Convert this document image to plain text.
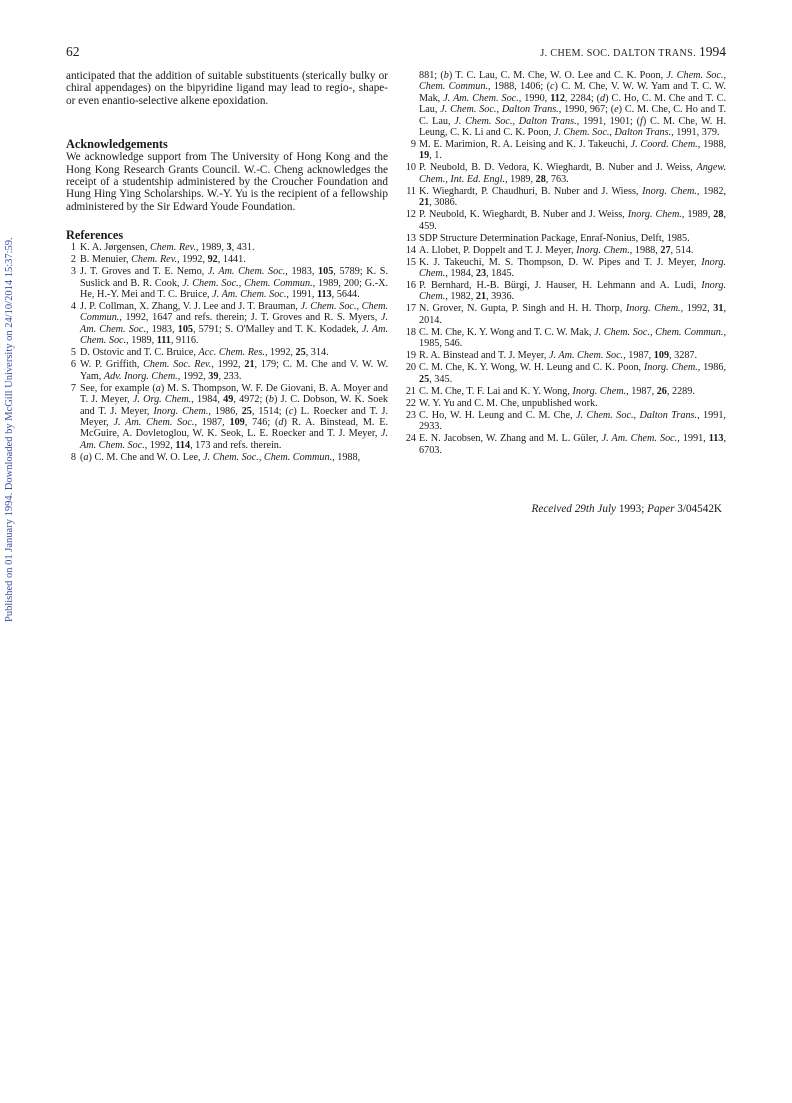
Published on 01 January 1994. Downloaded by McGill University on 24/10/2014 15:37:59.
62	J. CHEM. SOC. DALTON TRANS. 1994

anticipated that the addition of suitable substituents (sterically bulky or chiral appendages) on the bipyridine ligand may lead to regio-, shape- or even enantio-selective alkene epoxidation.

Acknowledgements

We acknowledge support from The University of Hong Kong and the Hong Kong Research Grants Council. W.-C. Cheng acknowledges the receipt of a studentship administered by the Croucher Foundation and Hung Hing Ying Scholarships. W.-Y. Yu is the recipient of a fellowship administered by the Sir Edward Youde Foundation.

References
1 K. A. Jørgensen, Chem. Rev., 1989, 3, 431.
2 B. Menuier, Chem. Rev., 1992, 92, 1441.
3 J. T. Groves and T. E. Nemo, J. Am. Chem. Soc., 1983, 105, 5789; K. S. Suslick and B. R. Cook, J. Chem. Soc., Chem. Commun., 1989, 200; G.-X. He, H.-Y. Mei and T. C. Bruice, J. Am. Chem. Soc., 1991, 113, 5644.
4 J. P. Collman, X. Zhang, V. J. Lee and J. T. Brauman, J. Chem. Soc., Chem. Commun., 1992, 1647 and refs. therein; J. T. Groves and R. S. Myers, J. Am. Chem. Soc., 1983, 105, 5791; S. O'Malley and T. K. Kodadek, J. Am. Chem. Soc., 1989, 111, 9116.
5 D. Ostovic and T. C. Bruice, Acc. Chem. Res., 1992, 25, 314.
6 W. P. Griffith, Chem. Soc. Rev., 1992, 21, 179; C. M. Che and V. W. W. Yam, Adv. Inorg. Chem., 1992, 39, 233.
7 See, for example (a) M. S. Thompson, W. F. De Giovani, B. A. Moyer and T. J. Meyer, J. Org. Chem., 1984, 49, 4972; (b) J. C. Dobson, W. K. Soek and T. J. Meyer, Inorg. Chem., 1986, 25, 1514; (c) L. Roecker and T. J. Meyer, J. Am. Chem. Soc., 1987, 109, 746; (d) R. A. Binstead, M. E. McGuire, A. Dovletoglou, W. K. Seok, L. E. Roecker and T. J. Meyer, J. Am. Chem. Soc., 1992, 114, 173 and refs. therein.
8 (a) C. M. Che and W. O. Lee, J. Chem. Soc., Chem. Commun., 1988,
881; (b) T. C. Lau, C. M. Che, W. O. Lee and C. K. Poon, J. Chem. Soc., Chem. Commun., 1988, 1406; (c) C. M. Che, V. W. W. Yam and T. C. W. Mak, J. Am. Chem. Soc., 1990, 112, 2284; (d) C. Ho, C. M. Che and T. C. Lau, J. Chem. Soc., Dalton Trans., 1990, 967; (e) C. M. Che, C. Ho and T. C. Lau, J. Chem. Soc., Dalton Trans., 1991, 1901; (f) C. M. Che, W. H. Leung, C. K. Li and C. K. Poon, J. Chem. Soc., Dalton Trans., 1991, 379.
9 M. E. Marimion, R. A. Leising and K. J. Takeuchi, J. Coord. Chem., 1988, 19, 1.
10 P. Neubold, B. D. Vedora, K. Wieghardt, B. Nuber and J. Weiss, Angew. Chem., Int. Ed. Engl., 1989, 28, 763.
11 K. Wieghardt, P. Chaudhuri, B. Nuber and J. Wiess, Inorg. Chem., 1982, 21, 3086.
12 P. Neubold, K. Wieghardt, B. Nuber and J. Weiss, Inorg. Chem., 1989, 28, 459.
13 SDP Structure Determination Package, Enraf-Nonius, Delft, 1985.
14 A. Llobet, P. Doppelt and T. J. Meyer, Inorg. Chem., 1988, 27, 514.
15 K. J. Takeuchi, M. S. Thompson, D. W. Pipes and T. J. Meyer, Inorg. Chem., 1984, 23, 1845.
16 P. Bernhard, H.-B. Bürgi, J. Hauser, H. Lehmann and A. Ludi, Inorg. Chem., 1982, 21, 3936.
17 N. Grover, N. Gupta, P. Singh and H. H. Thorp, Inorg. Chem., 1992, 31, 2014.
18 C. M. Che, K. Y. Wong and T. C. W. Mak, J. Chem. Soc., Chem. Commun., 1985, 546.
19 R. A. Binstead and T. J. Meyer, J. Am. Chem. Soc., 1987, 109, 3287.
20 C. M. Che, K. Y. Wong, W. H. Leung and C. K. Poon, Inorg. Chem., 1986, 25, 345.
21 C. M. Che, T. F. Lai and K. Y. Wong, Inorg. Chem., 1987, 26, 2289.
22 W. Y. Yu and C. M. Che, unpublished work.
23 C. Ho, W. H. Leung and C. M. Che, J. Chem. Soc., Dalton Trans., 1991, 2933.
24 E. N. Jacobsen, W. Zhang and M. L. Güler, J. Am. Chem. Soc., 1991, 113, 6703.
Received 29th July 1993; Paper 3/04542K
